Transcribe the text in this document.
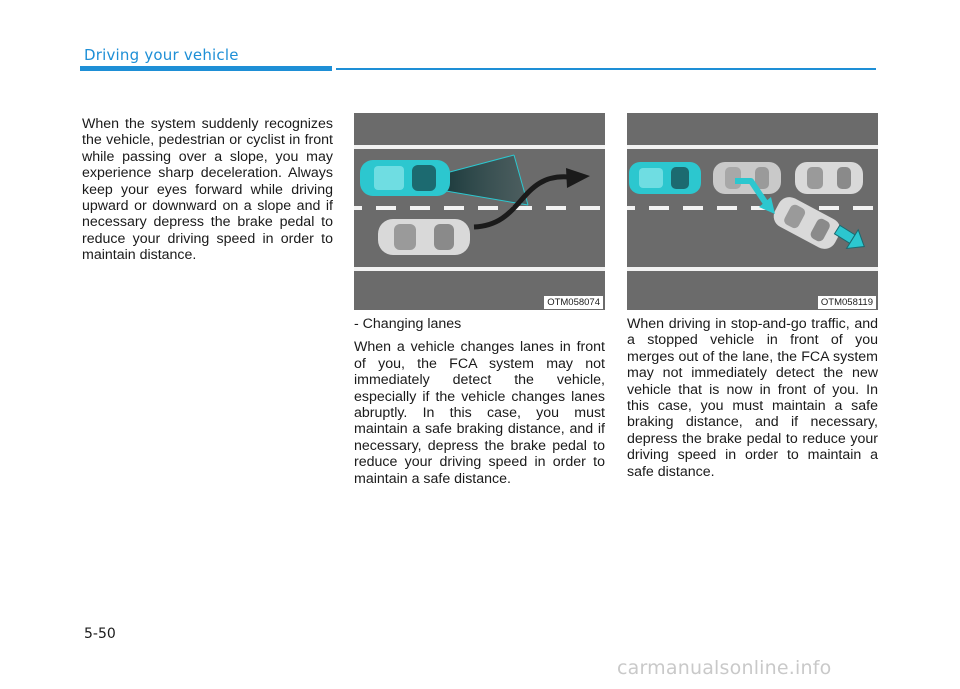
Driving your vehicle

When the system suddenly recognizes the vehicle, pedestrian or cyclist in front while passing over a slope, you may experience sharp deceleration. Always keep your eyes forward while driving upward or downward on a slope and if necessary depress the brake pedal to reduce your driving speed in order to maintain distance.

OTM058074

- Changing lanes

When a vehicle changes lanes in front of you, the FCA system may not immediately detect the vehicle, especially if the vehicle changes lanes abruptly. In this case, you must maintain a safe braking distance, and if necessary, depress the brake pedal to reduce your driving speed in order to maintain a safe distance.

OTM058119

When driving in stop-and-go traffic, and a stopped vehicle in front of you merges out of the lane, the FCA system may not immediately detect the new vehicle that is now in front of you. In this case, you must maintain a safe braking distance, and if necessary, depress the brake pedal to reduce your driving speed in order to maintain a safe distance.

5-50
carmanualsonline.info
